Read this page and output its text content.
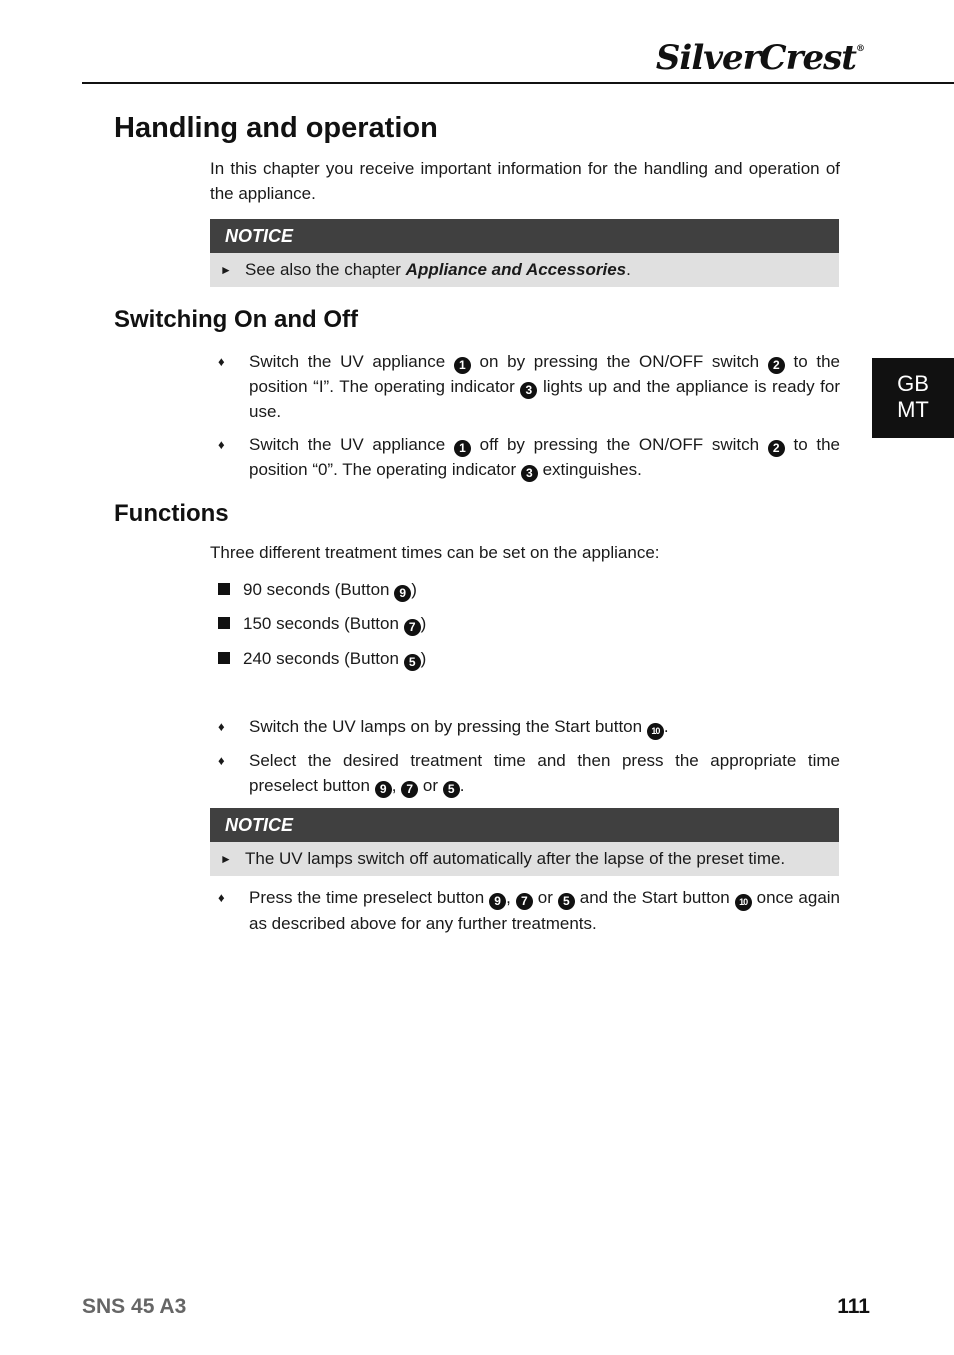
SilverCrest®
GB
MT
Handling and operation

In this chapter you receive important information for the handling and operation of the appliance.

NOTICE
► See also the chapter Appliance and Accessories.
Switching On and Off
♦ Switch the UV appliance 1 on by pressing the ON/OFF switch 2 to the position “I”. The operating indicator 3 lights up and the appliance is ready for use.
♦ Switch the UV appliance 1 off by pressing the ON/OFF switch 2 to the position “0”. The operating indicator 3 extinguishes.
Functions

Three different treatment times can be set on the appliance:

90 seconds (Button 9 )
150 seconds (Button 7 )
240 seconds (Button 5 )
♦ Switch the UV lamps on by pressing the Start button 10 .
♦ Select the desired treatment time and then press the appropriate time preselect button 9 , 7 or 5 .
NOTICE
► The UV lamps switch off automatically after the lapse of the preset time.
♦ Press the time preselect button 9 , 7 or 5 and the Start button 10 once again as described above for any further treatments.
SNS 45 A3	111
